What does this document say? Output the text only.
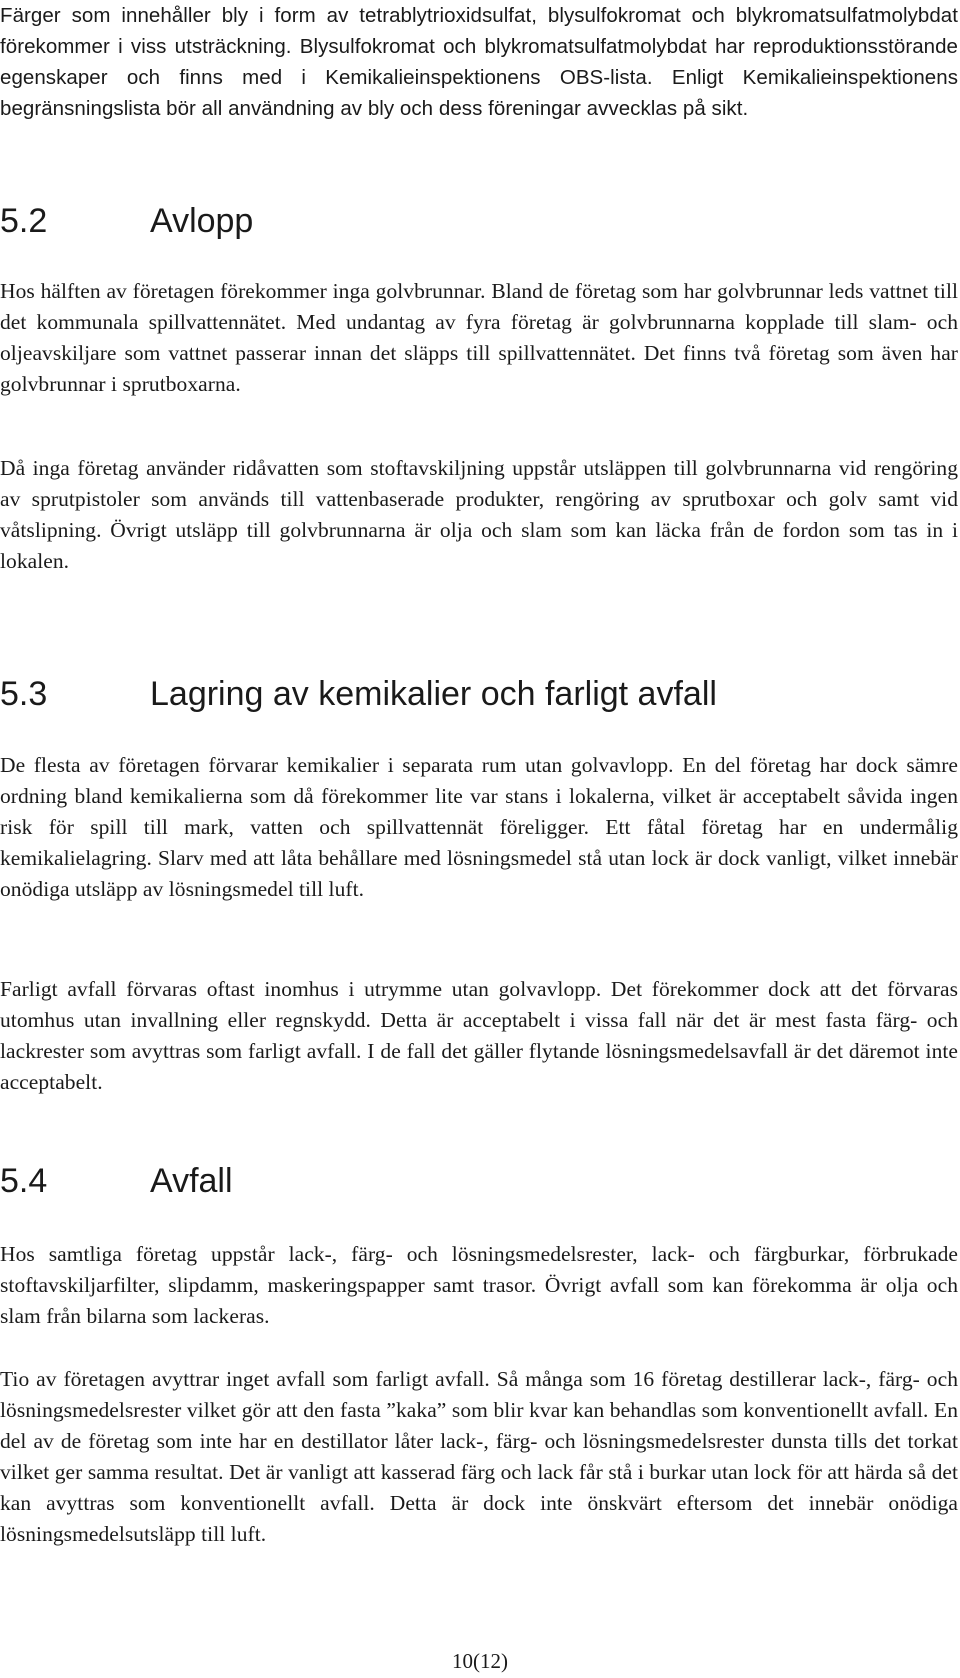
Färger som innehåller bly i form av tetrablytrioxidsulfat, blysulfokromat och blykromatsulfatmolybdat förekommer i viss utsträckning. Blysulfokromat och blykromatsulfatmolybdat har reproduktionsstörande egenskaper och finns med i Kemikalieinspektionens OBS-lista. Enligt Kemikalieinspektionens begränsningslista bör all användning av bly och dess föreningar avvecklas på sikt.

5.2	Avlopp

Hos hälften av företagen förekommer inga golvbrunnar. Bland de företag som har golvbrunnar leds vattnet till det kommunala spillvattennätet. Med undantag av fyra företag är golvbrunnarna kopplade till slam- och oljeavskiljare som vattnet passerar innan det släpps till spillvattennätet. Det finns två företag som även har golvbrunnar i sprutboxarna.

Då inga företag använder ridåvatten som stoftavskiljning uppstår utsläppen till golvbrunnarna vid rengöring av sprutpistoler som används till vattenbaserade produkter, rengöring av sprutboxar och golv samt vid våtslipning. Övrigt utsläpp till golvbrunnarna är olja och slam som kan läcka från de fordon som tas in i lokalen.

5.3	Lagring av kemikalier och farligt avfall

De flesta av företagen förvarar kemikalier i separata rum utan golvavlopp. En del företag har dock sämre ordning bland kemikalierna som då förekommer lite var stans i lokalerna, vilket är acceptabelt såvida ingen risk för spill till mark, vatten och spillvattennät föreligger. Ett fåtal företag har en undermålig kemikalielagring. Slarv med att låta behållare med lösningsmedel stå utan lock är dock vanligt, vilket innebär onödiga utsläpp av lösningsmedel till luft.

Farligt avfall förvaras oftast inomhus i utrymme utan golvavlopp. Det förekommer dock att det förvaras utomhus utan invallning eller regnskydd. Detta är acceptabelt i vissa fall när det är mest fasta färg- och lackrester som avyttras som farligt avfall. I de fall det gäller flytande lösningsmedelsavfall är det däremot inte acceptabelt.

5.4	Avfall

Hos samtliga företag uppstår lack-, färg- och lösningsmedelsrester, lack- och färgburkar, förbrukade stoftavskiljarfilter, slipdamm, maskeringspapper samt trasor. Övrigt avfall som kan förekomma är olja och slam från bilarna som lackeras.

Tio av företagen avyttrar inget avfall som farligt avfall. Så många som 16 företag destillerar lack-, färg- och lösningsmedelsrester vilket gör att den fasta ”kaka” som blir kvar kan behandlas som konventionellt avfall. En del av de företag som inte har en destillator låter lack-, färg- och lösningsmedelsrester dunsta tills det torkat vilket ger samma resultat. Det är vanligt att kasserad färg och lack får stå i burkar utan lock för att härda så det kan avyttras som konventionellt avfall. Detta är dock inte önskvärt eftersom det innebär onödiga lösningsmedelsutsläpp till luft.

10(12)
